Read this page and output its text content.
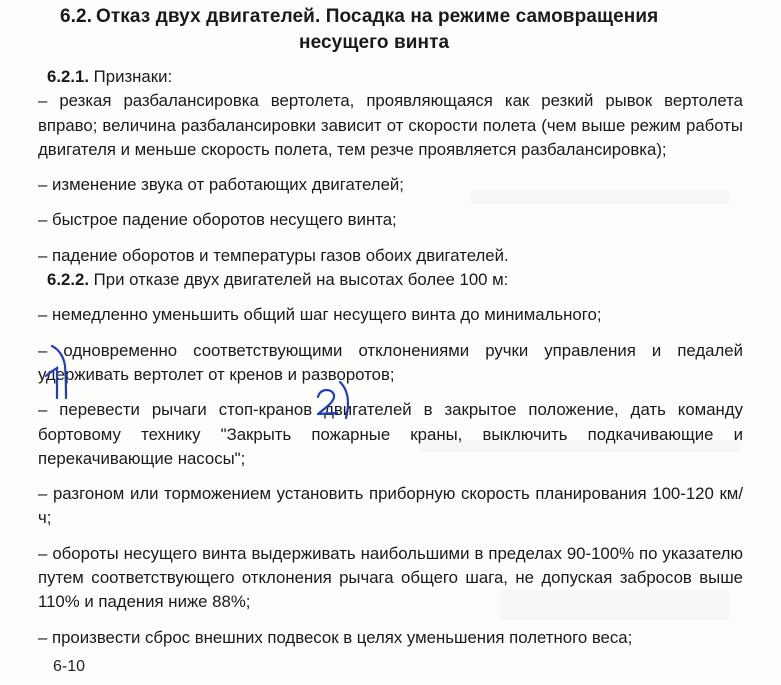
6.2. Отказ двух двигателей. Посадка на режиме самовращения
несущего винта

6.2.1. Признаки:

– резкая разбалансировка вертолета, проявляющаяся как резкий рывок вертолета вправо; величина разбалансировки зависит от скорости полета (чем выше режим работы двигателя и меньше скорость полета, тем резче проявляется разбалансировка);

– изменение звука от работающих двигателей;

– быстрое падение оборотов несущего винта;

– падение оборотов и температуры газов обоих двигателей.

6.2.2. При отказе двух двигателей на высотах более 100 м:

– немедленно уменьшить общий шаг несущего винта до минимального;

– одновременно соответствующими отклонениями ручки управления и педалей удерживать вертолет от кренов и разворотов;

– перевести рычаги стоп-кранов двигателей в закрытое положение, дать команду бортовому технику "Закрыть пожарные краны, выключить подкачивающие и перекачивающие насосы";

– разгоном или торможением установить приборную скорость планирования 100-120 км/ч;

– обороты несущего винта выдерживать наибольшими в пределах 90-100% по указателю путем соответствующего отклонения рычага общего шага, не допуская забросов выше 110% и падения ниже 88%;

– произвести сброс внешних подвесок в целях уменьшения полетного веса;

6-10
